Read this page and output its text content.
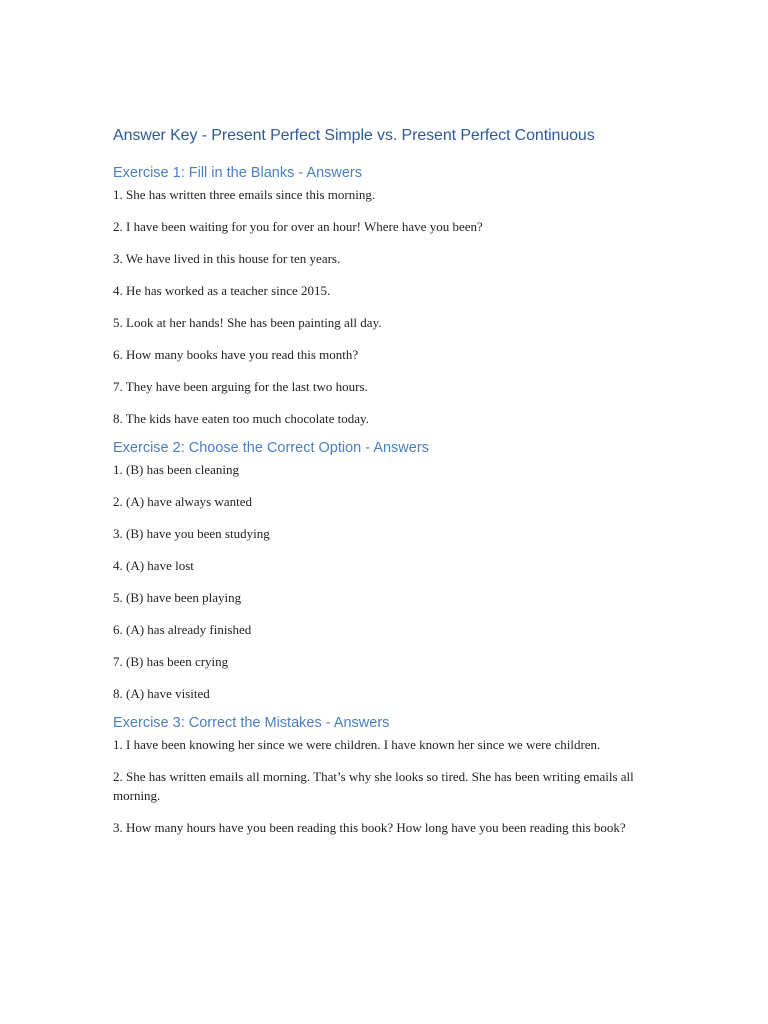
Answer Key - Present Perfect Simple vs. Present Perfect Continuous
Exercise 1: Fill in the Blanks - Answers

1. She has written three emails since this morning.

2. I have been waiting for you for over an hour! Where have you been?

3. We have lived in this house for ten years.

4. He has worked as a teacher since 2015.

5. Look at her hands! She has been painting all day.

6. How many books have you read this month?

7. They have been arguing for the last two hours.

8. The kids have eaten too much chocolate today.

Exercise 2: Choose the Correct Option - Answers

1. (B) has been cleaning

2. (A) have always wanted

3. (B) have you been studying

4. (A) have lost

5. (B) have been playing

6. (A) has already finished

7. (B) has been crying

8. (A) have visited

Exercise 3: Correct the Mistakes - Answers

1. I have been knowing her since we were children. I have known her since we were children.

2. She has written emails all morning. That’s why she looks so tired. She has been writing emails all morning.

3. How many hours have you been reading this book? How long have you been reading this book?
